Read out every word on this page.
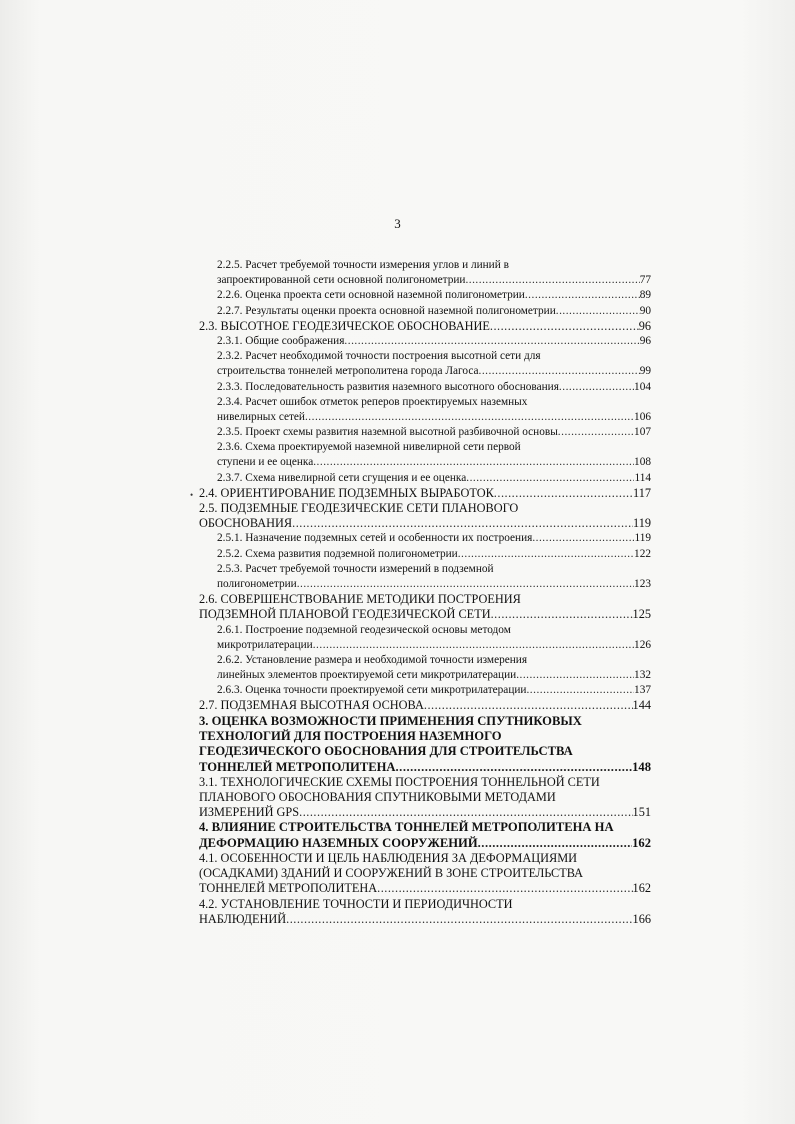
3
•
2.2.5. Расчет требуемой точности измерения углов и линий в
запроектированной сети основной полигонометрии .....	77
2.2.6. Оценка проекта сети основной наземной полигонометрии .....	89
2.2.7. Результаты оценки проекта основной наземной полигонометрии .....	90
2.3. ВЫСОТНОЕ ГЕОДЕЗИЧЕСКОЕ ОБОСНОВАНИЕ .....	96
2.3.1. Общие соображения .....	96
2.3.2. Расчет необходимой точности построения высотной сети для
строительства тоннелей метрополитена города Лагоса .....	99
2.3.3. Последовательность развития наземного высотного обоснования .....	104
2.3.4. Расчет ошибок отметок реперов проектируемых наземных
нивелирных сетей .....	106
2.3.5. Проект схемы развития наземной высотной разбивочной основы .....	107
2.3.6. Схема проектируемой наземной нивелирной сети первой
ступени и ее оценка .....	108
2.3.7. Схема нивелирной сети сгущения и ее оценка .....	114
2.4. ОРИЕНТИРОВАНИЕ ПОДЗЕМНЫХ ВЫРАБОТОК .....	117
2.5. ПОДЗЕМНЫЕ ГЕОДЕЗИЧЕСКИЕ СЕТИ ПЛАНОВОГО
ОБОСНОВАНИЯ .....	119
2.5.1. Назначение подземных сетей и особенности их построения .....	119
2.5.2. Схема развития подземной полигонометрии .....	122
2.5.3. Расчет требуемой точности измерений в подземной
полигонометрии .....	123
2.6. СОВЕРШЕНСТВОВАНИЕ МЕТОДИКИ ПОСТРОЕНИЯ
ПОДЗЕМНОЙ ПЛАНОВОЙ ГЕОДЕЗИЧЕСКОЙ СЕТИ .....	125
2.6.1. Построение подземной геодезической основы методом
микротрилатерации .....	126
2.6.2. Установление размера и необходимой точности измерения
линейных элементов проектируемой сети микротрилатерации .....	132
2.6.3. Оценка точности проектируемой сети микротрилатерации .....	137
2.7. ПОДЗЕМНАЯ ВЫСОТНАЯ ОСНОВА .....	144
3. ОЦЕНКА ВОЗМОЖНОСТИ ПРИМЕНЕНИЯ СПУТНИКОВЫХ
ТЕХНОЛОГИЙ ДЛЯ ПОСТРОЕНИЯ НАЗЕМНОГО
ГЕОДЕЗИЧЕСКОГО ОБОСНОВАНИЯ ДЛЯ СТРОИТЕЛЬСТВА
ТОННЕЛЕЙ МЕТРОПОЛИТЕНА .....	148
3.1. ТЕХНОЛОГИЧЕСКИЕ СХЕМЫ ПОСТРОЕНИЯ ТОННЕЛЬНОЙ СЕТИ
ПЛАНОВОГО ОБОСНОВАНИЯ СПУТНИКОВЫМИ МЕТОДАМИ
ИЗМЕРЕНИЙ GPS .....	151
4. ВЛИЯНИЕ СТРОИТЕЛЬСТВА ТОННЕЛЕЙ МЕТРОПОЛИТЕНА НА
ДЕФОРМАЦИЮ НАЗЕМНЫХ СООРУЖЕНИЙ .....	162
4.1. ОСОБЕННОСТИ И ЦЕЛЬ НАБЛЮДЕНИЯ ЗА ДЕФОРМАЦИЯМИ
(ОСАДКАМИ) ЗДАНИЙ И СООРУЖЕНИЙ В ЗОНЕ СТРОИТЕЛЬСТВА
ТОННЕЛЕЙ МЕТРОПОЛИТЕНА .....	162
4.2. УСТАНОВЛЕНИЕ ТОЧНОСТИ И ПЕРИОДИЧНОСТИ
НАБЛЮДЕНИЙ .....	166
